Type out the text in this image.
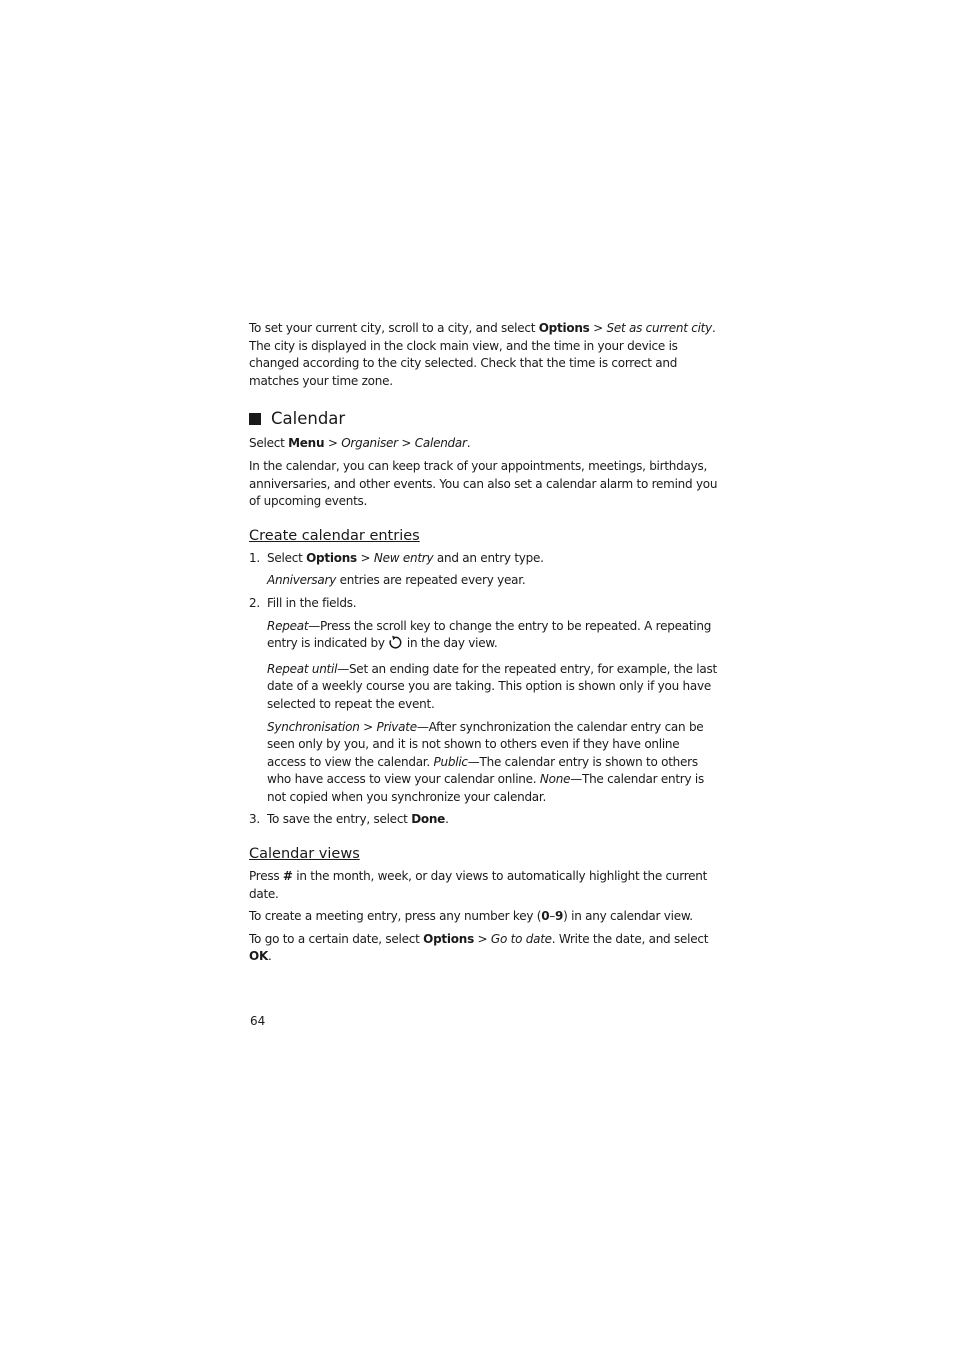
To set your current city, scroll to a city, and select Options > Set as current city. The city is displayed in the clock main view, and the time in your device is changed according to the city selected. Check that the time is correct and matches your time zone.

Calendar

Select Menu > Organiser > Calendar.

In the calendar, you can keep track of your appointments, meetings, birthdays, anniversaries, and other events. You can also set a calendar alarm to remind you of upcoming events.

Create calendar entries

1. Select Options > New entry and an entry type.

Anniversary entries are repeated every year.

2. Fill in the fields.

Repeat—Press the scroll key to change the entry to be repeated. A repeating entry is indicated by  in the day view.

Repeat until—Set an ending date for the repeated entry, for example, the last date of a weekly course you are taking. This option is shown only if you have selected to repeat the event.

Synchronisation > Private—After synchronization the calendar entry can be seen only by you, and it is not shown to others even if they have online access to view the calendar. Public—The calendar entry is shown to others who have access to view your calendar online. None—The calendar entry is not copied when you synchronize your calendar.

3. To save the entry, select Done.

Calendar views

Press # in the month, week, or day views to automatically highlight the current date.

To create a meeting entry, press any number key (0–9) in any calendar view.

To go to a certain date, select Options > Go to date. Write the date, and select OK.

64
